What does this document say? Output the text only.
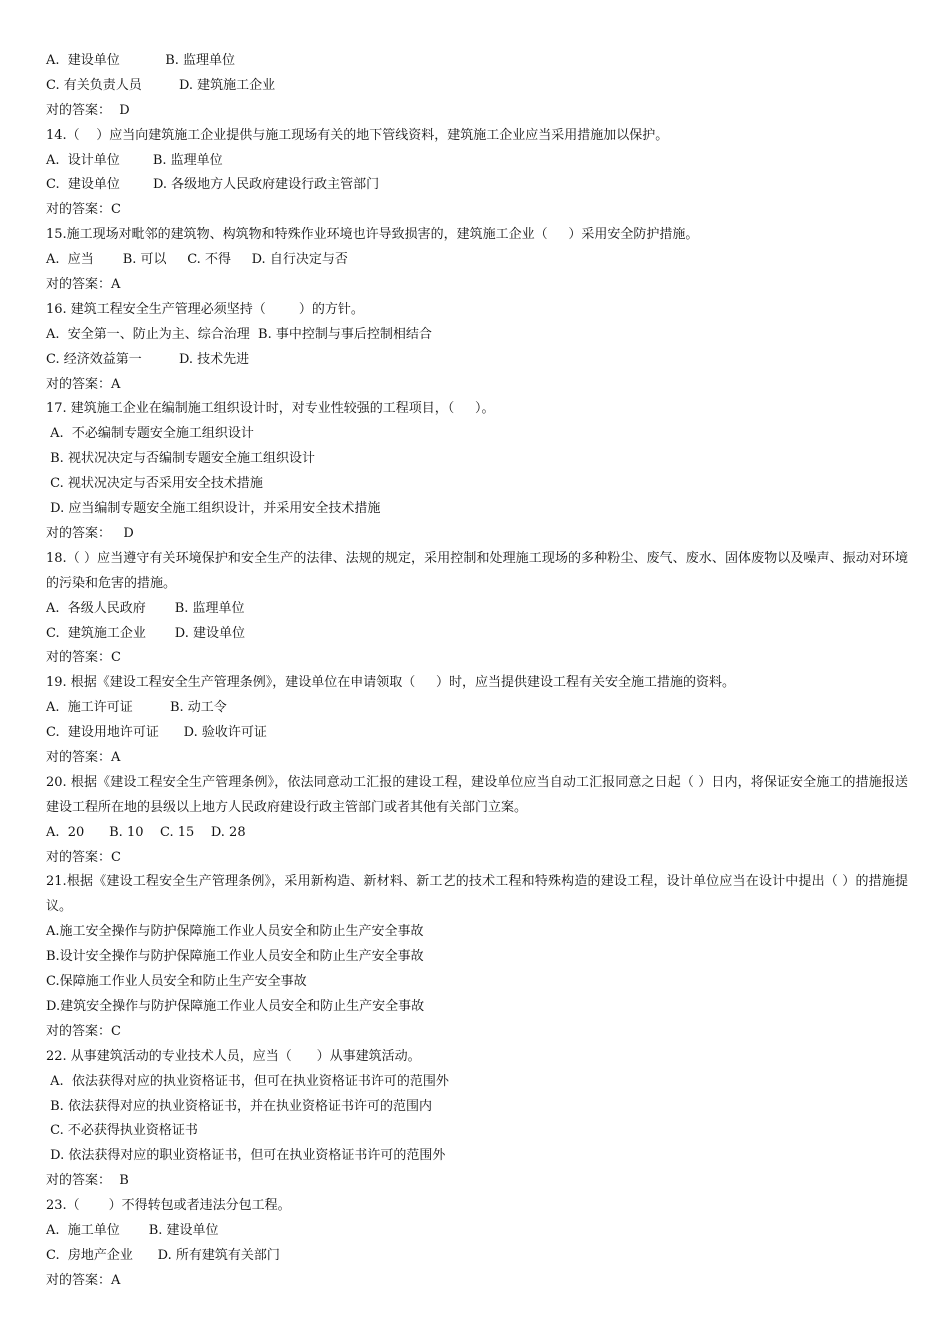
A.  建设单位           B. 监理单位
C. 有关负责人员         D. 建筑施工企业
对的答案：  D
14.（    ）应当向建筑施工企业提供与施工现场有关的地下管线资料，建筑施工企业应当采用措施加以保护。
A.  设计单位        B. 监理单位
C.  建设单位        D. 各级地方人民政府建设行政主管部门
对的答案：C
15.施工现场对毗邻的建筑物、构筑物和特殊作业环境也许导致损害的，建筑施工企业（     ）采用安全防护措施。
A.  应当       B. 可以     C. 不得     D. 自行决定与否
对的答案：A
16. 建筑工程安全生产管理必须坚持（        ）的方针。
A.  安全第一、防止为主、综合治理  B. 事中控制与事后控制相结合
C. 经济效益第一         D. 技术先进
对的答案：A
17. 建筑施工企业在编制施工组织设计时，对专业性较强的工程项目，（     ）。
A.  不必编制专题安全施工组织设计
B. 视状况决定与否编制专题安全施工组织设计
C. 视状况决定与否采用安全技术措施
D. 应当编制专题安全施工组织设计，并采用安全技术措施
对的答案：   D
18.（ ）应当遵守有关环境保护和安全生产的法律、法规的规定，采用控制和处理施工现场的多种粉尘、废气、废水、固体废物以及噪声、振动对环境的污染和危害的措施。
A.  各级人民政府       B. 监理单位
C.  建筑施工企业       D. 建设单位
对的答案：C
19. 根据《建设工程安全生产管理条例》，建设单位在申请领取（     ）时，应当提供建设工程有关安全施工措施的资料。
A.  施工许可证         B. 动工令
C.  建设用地许可证      D. 验收许可证
对的答案：A
20. 根据《建设工程安全生产管理条例》，依法同意动工汇报的建设工程，建设单位应当自动工汇报同意之日起（ ）日内，将保证安全施工的措施报送建设工程所在地的县级以上地方人民政府建设行政主管部门或者其他有关部门立案。
A.  20      B. 10    C. 15    D. 28
对的答案：C
21.根据《建设工程安全生产管理条例》，采用新构造、新材料、新工艺的技术工程和特殊构造的建设工程，设计单位应当在设计中提出（ ）的措施提议。
A.施工安全操作与防护保障施工作业人员安全和防止生产安全事故
B.设计安全操作与防护保障施工作业人员安全和防止生产安全事故
C.保障施工作业人员安全和防止生产安全事故
D.建筑安全操作与防护保障施工作业人员安全和防止生产安全事故
对的答案：C
22. 从事建筑活动的专业技术人员，应当（      ）从事建筑活动。
A.  依法获得对应的执业资格证书，但可在执业资格证书许可的范围外
B. 依法获得对应的执业资格证书，并在执业资格证书许可的范围内
C. 不必获得执业资格证书
D. 依法获得对应的职业资格证书，但可在执业资格证书许可的范围外
对的答案：  B
23.（       ）不得转包或者违法分包工程。
A.  施工单位       B. 建设单位
C.  房地产企业      D. 所有建筑有关部门
对的答案：A
